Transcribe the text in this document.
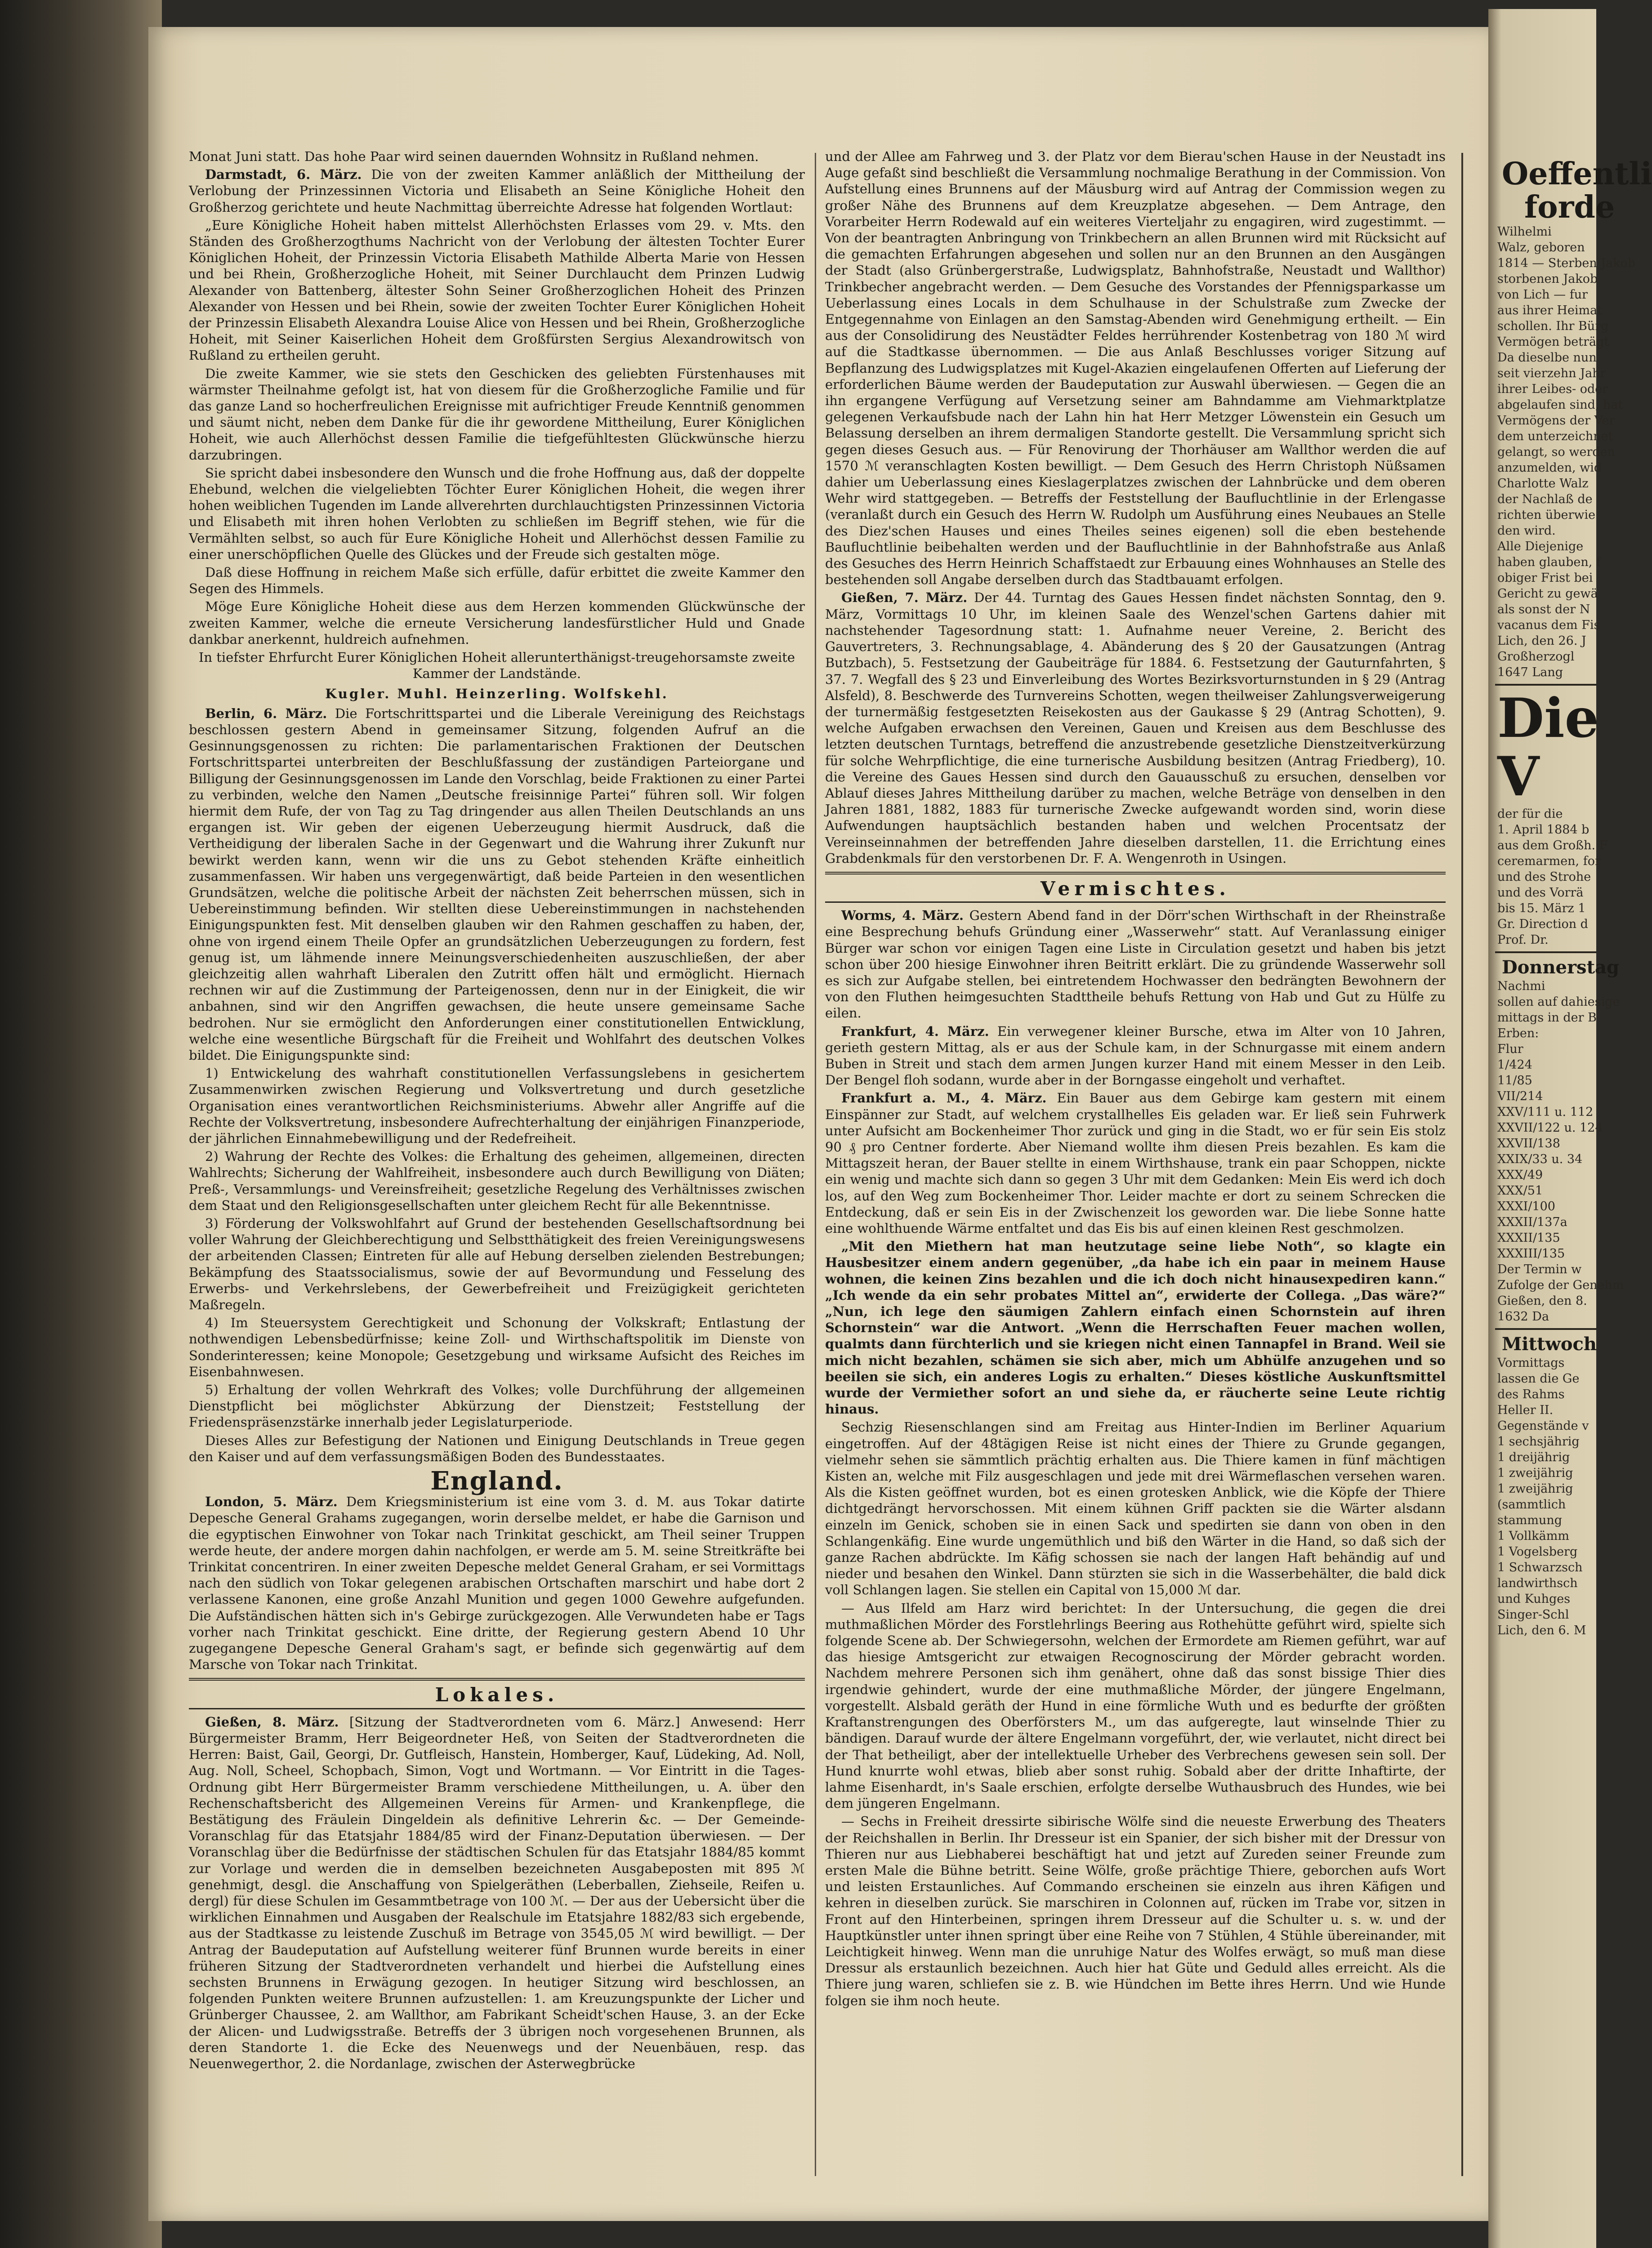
Monat Juni statt. Das hohe Paar wird seinen dauernden Wohnsitz in Rußland nehmen.

Darmstadt, 6. März. Die von der zweiten Kammer anläßlich der Mittheilung der Verlobung der Prinzessinnen Victoria und Elisabeth an Seine Königliche Hoheit den Großherzog gerichtete und heute Nachmittag überreichte Adresse hat folgenden Wortlaut:

„Eure Königliche Hoheit haben mittelst Allerhöchsten Erlasses vom 29. v. Mts. den Ständen des Großherzogthums Nachricht von der Verlobung der ältesten Tochter Eurer Königlichen Hoheit, der Prinzessin Victoria Elisabeth Mathilde Alberta Marie von Hessen und bei Rhein, Großherzogliche Hoheit, mit Seiner Durchlaucht dem Prinzen Ludwig Alexander von Battenberg, ältester Sohn Seiner Großherzoglichen Hoheit des Prinzen Alexander von Hessen und bei Rhein, sowie der zweiten Tochter Eurer Königlichen Hoheit der Prinzessin Elisabeth Alexandra Louise Alice von Hessen und bei Rhein, Großherzogliche Hoheit, mit Seiner Kaiserlichen Hoheit dem Großfürsten Sergius Alexandrowitsch von Rußland zu ertheilen geruht.

Die zweite Kammer, wie sie stets den Geschicken des geliebten Fürstenhauses mit wärmster Theilnahme gefolgt ist, hat von diesem für die Großherzogliche Familie und für das ganze Land so hocherfreulichen Ereignisse mit aufrichtiger Freude Kenntniß genommen und säumt nicht, neben dem Danke für die ihr gewordene Mittheilung, Eurer Königlichen Hoheit, wie auch Allerhöchst dessen Familie die tiefgefühltesten Glückwünsche hierzu darzubringen.

Sie spricht dabei insbesondere den Wunsch und die frohe Hoffnung aus, daß der doppelte Ehebund, welchen die vielgeliebten Töchter Eurer Königlichen Hoheit, die wegen ihrer hohen weiblichen Tugenden im Lande allverehrten durchlauchtigsten Prinzessinnen Victoria und Elisabeth mit ihren hohen Verlobten zu schließen im Begriff stehen, wie für die Vermählten selbst, so auch für Eure Königliche Hoheit und Allerhöchst dessen Familie zu einer unerschöpflichen Quelle des Glückes und der Freude sich gestalten möge.

Daß diese Hoffnung in reichem Maße sich erfülle, dafür erbittet die zweite Kammer den Segen des Himmels.

Möge Eure Königliche Hoheit diese aus dem Herzen kommenden Glückwünsche der zweiten Kammer, welche die erneute Versicherung landesfürstlicher Huld und Gnade dankbar anerkennt, huldreich aufnehmen.

In tiefster Ehrfurcht Eurer Königlichen Hoheit allerunterthänigst-treugehorsamste zweite Kammer der Landstände.

Kugler. Muhl. Heinzerling. Wolfskehl.

Berlin, 6. März. Die Fortschrittspartei und die Liberale Vereinigung des Reichstags beschlossen gestern Abend in gemeinsamer Sitzung, folgenden Aufruf an die Gesinnungsgenossen zu richten: Die parlamentarischen Fraktionen der Deutschen Fortschrittspartei unterbreiten der Beschlußfassung der zuständigen Parteiorgane und Billigung der Gesinnungsgenossen im Lande den Vorschlag, beide Fraktionen zu einer Partei zu verbinden, welche den Namen „Deutsche freisinnige Partei“ führen soll. Wir folgen hiermit dem Rufe, der von Tag zu Tag dringender aus allen Theilen Deutschlands an uns ergangen ist. Wir geben der eigenen Ueberzeugung hiermit Ausdruck, daß die Vertheidigung der liberalen Sache in der Gegenwart und die Wahrung ihrer Zukunft nur bewirkt werden kann, wenn wir die uns zu Gebot stehenden Kräfte einheitlich zusammenfassen. Wir haben uns vergegenwärtigt, daß beide Parteien in den wesentlichen Grundsätzen, welche die politische Arbeit der nächsten Zeit beherrschen müssen, sich in Uebereinstimmung befinden. Wir stellten diese Uebereinstimmungen in nachstehenden Einigungspunkten fest. Mit denselben glauben wir den Rahmen geschaffen zu haben, der, ohne von irgend einem Theile Opfer an grundsätzlichen Ueberzeugungen zu fordern, fest genug ist, um lähmende innere Meinungsverschiedenheiten auszuschließen, der aber gleichzeitig allen wahrhaft Liberalen den Zutritt offen hält und ermöglicht. Hiernach rechnen wir auf die Zustimmung der Parteigenossen, denn nur in der Einigkeit, die wir anbahnen, sind wir den Angriffen gewachsen, die heute unsere gemeinsame Sache bedrohen. Nur sie ermöglicht den Anforderungen einer constitutionellen Entwicklung, welche eine wesentliche Bürgschaft für die Freiheit und Wohlfahrt des deutschen Volkes bildet. Die Einigungspunkte sind:

1) Entwickelung des wahrhaft constitutionellen Verfassungslebens in gesichertem Zusammenwirken zwischen Regierung und Volksvertretung und durch gesetzliche Organisation eines verantwortlichen Reichsministeriums. Abwehr aller Angriffe auf die Rechte der Volksvertretung, insbesondere Aufrechterhaltung der einjährigen Finanzperiode, der jährlichen Einnahmebewilligung und der Redefreiheit.

2) Wahrung der Rechte des Volkes: die Erhaltung des geheimen, allgemeinen, directen Wahlrechts; Sicherung der Wahlfreiheit, insbesondere auch durch Bewilligung von Diäten; Preß-, Versammlungs- und Vereinsfreiheit; gesetzliche Regelung des Verhältnisses zwischen dem Staat und den Religionsgesellschaften unter gleichem Recht für alle Bekenntnisse.

3) Förderung der Volkswohlfahrt auf Grund der bestehenden Gesellschaftsordnung bei voller Wahrung der Gleichberechtigung und Selbstthätigkeit des freien Vereinigungswesens der arbeitenden Classen; Eintreten für alle auf Hebung derselben zielenden Bestrebungen; Bekämpfung des Staatssocialismus, sowie der auf Bevormundung und Fesselung des Erwerbs- und Verkehrslebens, der Gewerbefreiheit und Freizügigkeit gerichteten Maßregeln.

4) Im Steuersystem Gerechtigkeit und Schonung der Volkskraft; Entlastung der nothwendigen Lebensbedürfnisse; keine Zoll- und Wirthschaftspolitik im Dienste von Sonderinteressen; keine Monopole; Gesetzgebung und wirksame Aufsicht des Reiches im Eisenbahnwesen.

5) Erhaltung der vollen Wehrkraft des Volkes; volle Durchführung der allgemeinen Dienstpflicht bei möglichster Abkürzung der Dienstzeit; Feststellung der Friedenspräsenzstärke innerhalb jeder Legislaturperiode.

Dieses Alles zur Befestigung der Nationen und Einigung Deutschlands in Treue gegen den Kaiser und auf dem verfassungsmäßigen Boden des Bundesstaates.

England.

London, 5. März. Dem Kriegsministerium ist eine vom 3. d. M. aus Tokar datirte Depesche General Grahams zugegangen, worin derselbe meldet, er habe die Garnison und die egyptischen Einwohner von Tokar nach Trinkitat geschickt, am Theil seiner Truppen werde heute, der andere morgen dahin nachfolgen, er werde am 5. M. seine Streitkräfte bei Trinkitat concentriren. In einer zweiten Depesche meldet General Graham, er sei Vormittags nach den südlich von Tokar gelegenen arabischen Ortschaften marschirt und habe dort 2 verlassene Kanonen, eine große Anzahl Munition und gegen 1000 Gewehre aufgefunden. Die Aufständischen hätten sich in's Gebirge zurückgezogen. Alle Verwundeten habe er Tags vorher nach Trinkitat geschickt. Eine dritte, der Regierung gestern Abend 10 Uhr zugegangene Depesche General Graham's sagt, er befinde sich gegenwärtig auf dem Marsche von Tokar nach Trinkitat.

Lokales.

Gießen, 8. März. [Sitzung der Stadtverordneten vom 6. März.] Anwesend: Herr Bürgermeister Bramm, Herr Beigeordneter Heß, von Seiten der Stadtverordneten die Herren: Baist, Gail, Georgi, Dr. Gutfleisch, Hanstein, Homberger, Kauf, Lüdeking, Ad. Noll, Aug. Noll, Scheel, Schopbach, Simon, Vogt und Wortmann. — Vor Eintritt in die Tages-Ordnung gibt Herr Bürgermeister Bramm verschiedene Mittheilungen, u. A. über den Rechenschaftsbericht des Allgemeinen Vereins für Armen- und Krankenpflege, die Bestätigung des Fräulein Dingeldein als definitive Lehrerin &c. — Der Gemeinde-Voranschlag für das Etatsjahr 1884/85 wird der Finanz-Deputation überwiesen. — Der Voranschlag über die Bedürfnisse der städtischen Schulen für das Etatsjahr 1884/85 kommt zur Vorlage und werden die in demselben bezeichneten Ausgabeposten mit 895 ℳ genehmigt, desgl. die Anschaffung von Spielgeräthen (Leberballen, Ziehseile, Reifen u. dergl) für diese Schulen im Gesammtbetrage von 100 ℳ. — Der aus der Uebersicht über die wirklichen Einnahmen und Ausgaben der Realschule im Etatsjahre 1882/83 sich ergebende, aus der Stadtkasse zu leistende Zuschuß im Betrage von 3545,05 ℳ wird bewilligt. — Der Antrag der Baudeputation auf Aufstellung weiterer fünf Brunnen wurde bereits in einer früheren Sitzung der Stadtverordneten verhandelt und hierbei die Aufstellung eines sechsten Brunnens in Erwägung gezogen. In heutiger Sitzung wird beschlossen, an folgenden Punkten weitere Brunnen aufzustellen: 1. am Kreuzungspunkte der Licher und Grünberger Chaussee, 2. am Wallthor, am Fabrikant Scheidt'schen Hause, 3. an der Ecke der Alicen- und Ludwigsstraße. Betreffs der 3 übrigen noch vorgesehenen Brunnen, als deren Standorte 1. die Ecke des Neuenwegs und der Neuenbäuen, resp. das Neuenwegerthor, 2. die Nordanlage, zwischen der Asterwegbrücke

und der Allee am Fahrweg und 3. der Platz vor dem Bierau'schen Hause in der Neustadt ins Auge gefaßt sind beschließt die Versammlung nochmalige Berathung in der Commission. Von Aufstellung eines Brunnens auf der Mäusburg wird auf Antrag der Commission wegen zu großer Nähe des Brunnens auf dem Kreuzplatze abgesehen. — Dem Antrage, den Vorarbeiter Herrn Rodewald auf ein weiteres Vierteljahr zu engagiren, wird zugestimmt. — Von der beantragten Anbringung von Trinkbechern an allen Brunnen wird mit Rücksicht auf die gemachten Erfahrungen abgesehen und sollen nur an den Brunnen an den Ausgängen der Stadt (also Grünbergerstraße, Ludwigsplatz, Bahnhofstraße, Neustadt und Wallthor) Trinkbecher angebracht werden. — Dem Gesuche des Vorstandes der Pfennigsparkasse um Ueberlassung eines Locals in dem Schulhause in der Schulstraße zum Zwecke der Entgegennahme von Einlagen an den Samstag-Abenden wird Genehmigung ertheilt. — Ein aus der Consolidirung des Neustädter Feldes herrührender Kostenbetrag von 180 ℳ wird auf die Stadtkasse übernommen. — Die aus Anlaß Beschlusses voriger Sitzung auf Bepflanzung des Ludwigsplatzes mit Kugel-Akazien eingelaufenen Offerten auf Lieferung der erforderlichen Bäume werden der Baudeputation zur Auswahl überwiesen. — Gegen die an ihn ergangene Verfügung auf Versetzung seiner am Bahndamme am Viehmarktplatze gelegenen Verkaufsbude nach der Lahn hin hat Herr Metzger Löwenstein ein Gesuch um Belassung derselben an ihrem dermaligen Standorte gestellt. Die Versammlung spricht sich gegen dieses Gesuch aus. — Für Renovirung der Thorhäuser am Wallthor werden die auf 1570 ℳ veranschlagten Kosten bewilligt. — Dem Gesuch des Herrn Christoph Nüßsamen dahier um Ueberlassung eines Kieslagerplatzes zwischen der Lahnbrücke und dem oberen Wehr wird stattgegeben. — Betreffs der Feststellung der Baufluchtlinie in der Erlengasse (veranlaßt durch ein Gesuch des Herrn W. Rudolph um Ausführung eines Neubaues an Stelle des Diez'schen Hauses und eines Theiles seines eigenen) soll die eben bestehende Baufluchtlinie beibehalten werden und der Baufluchtlinie in der Bahnhofstraße aus Anlaß des Gesuches des Herrn Heinrich Schaffstaedt zur Erbauung eines Wohnhauses an Stelle des bestehenden soll Angabe derselben durch das Stadtbauamt erfolgen.

Gießen, 7. März. Der 44. Turntag des Gaues Hessen findet nächsten Sonntag, den 9. März, Vormittags 10 Uhr, im kleinen Saale des Wenzel'schen Gartens dahier mit nachstehender Tagesordnung statt: 1. Aufnahme neuer Vereine, 2. Bericht des Gauvertreters, 3. Rechnungsablage, 4. Abänderung des § 20 der Gausatzungen (Antrag Butzbach), 5. Festsetzung der Gaubeiträge für 1884. 6. Festsetzung der Gauturnfahrten, § 37. 7. Wegfall des § 23 und Einverleibung des Wortes Bezirksvorturnstunden in § 29 (Antrag Alsfeld), 8. Beschwerde des Turnvereins Schotten, wegen theilweiser Zahlungsverweigerung der turnermäßig festgesetzten Reisekosten aus der Gaukasse § 29 (Antrag Schotten), 9. welche Aufgaben erwachsen den Vereinen, Gauen und Kreisen aus dem Beschlusse des letzten deutschen Turntags, betreffend die anzustrebende gesetzliche Dienstzeitverkürzung für solche Wehrpflichtige, die eine turnerische Ausbildung besitzen (Antrag Friedberg), 10. die Vereine des Gaues Hessen sind durch den Gauausschuß zu ersuchen, denselben vor Ablauf dieses Jahres Mittheilung darüber zu machen, welche Beträge von denselben in den Jahren 1881, 1882, 1883 für turnerische Zwecke aufgewandt worden sind, worin diese Aufwendungen hauptsächlich bestanden haben und welchen Procentsatz der Vereinseinnahmen der betreffenden Jahre dieselben darstellen, 11. die Errichtung eines Grabdenkmals für den verstorbenen Dr. F. A. Wengenroth in Usingen.

Vermischtes.

Worms, 4. März. Gestern Abend fand in der Dörr'schen Wirthschaft in der Rheinstraße eine Besprechung behufs Gründung einer „Wasserwehr“ statt. Auf Veranlassung einiger Bürger war schon vor einigen Tagen eine Liste in Circulation gesetzt und haben bis jetzt schon über 200 hiesige Einwohner ihren Beitritt erklärt. Die zu gründende Wasserwehr soll es sich zur Aufgabe stellen, bei eintretendem Hochwasser den bedrängten Bewohnern der von den Fluthen heimgesuchten Stadttheile behufs Rettung von Hab und Gut zu Hülfe zu eilen.

Frankfurt, 4. März. Ein verwegener kleiner Bursche, etwa im Alter von 10 Jahren, gerieth gestern Mittag, als er aus der Schule kam, in der Schnurgasse mit einem andern Buben in Streit und stach dem armen Jungen kurzer Hand mit einem Messer in den Leib. Der Bengel floh sodann, wurde aber in der Borngasse eingeholt und verhaftet.

Frankfurt a. M., 4. März. Ein Bauer aus dem Gebirge kam gestern mit einem Einspänner zur Stadt, auf welchem crystallhelles Eis geladen war. Er ließ sein Fuhrwerk unter Aufsicht am Bockenheimer Thor zurück und ging in die Stadt, wo er für sein Eis stolz 90 ₰ pro Centner forderte. Aber Niemand wollte ihm diesen Preis bezahlen. Es kam die Mittagszeit heran, der Bauer stellte in einem Wirthshause, trank ein paar Schoppen, nickte ein wenig und machte sich dann so gegen 3 Uhr mit dem Gedanken: Mein Eis werd ich doch los, auf den Weg zum Bockenheimer Thor. Leider machte er dort zu seinem Schrecken die Entdeckung, daß er sein Eis in der Zwischenzeit los geworden war. Die liebe Sonne hatte eine wohlthuende Wärme entfaltet und das Eis bis auf einen kleinen Rest geschmolzen.

„Mit den Miethern hat man heutzutage seine liebe Noth“, so klagte ein Hausbesitzer einem andern gegenüber, „da habe ich ein paar in meinem Hause wohnen, die keinen Zins bezahlen und die ich doch nicht hinausexpediren kann.“ „Ich wende da ein sehr probates Mittel an“, erwiderte der Collega. „Das wäre?“ „Nun, ich lege den säumigen Zahlern einfach einen Schornstein auf ihren Schornstein“ war die Antwort. „Wenn die Herrschaften Feuer machen wollen, qualmts dann fürchterlich und sie kriegen nicht einen Tannapfel in Brand. Weil sie mich nicht bezahlen, schämen sie sich aber, mich um Abhülfe anzugehen und so beeilen sie sich, ein anderes Logis zu erhalten.“ Dieses köstliche Auskunftsmittel wurde der Vermiether sofort an und siehe da, er räucherte seine Leute richtig hinaus.

Sechzig Riesenschlangen sind am Freitag aus Hinter-Indien im Berliner Aquarium eingetroffen. Auf der 48tägigen Reise ist nicht eines der Thiere zu Grunde gegangen, vielmehr sehen sie sämmtlich prächtig erhalten aus. Die Thiere kamen in fünf mächtigen Kisten an, welche mit Filz ausgeschlagen und jede mit drei Wärmeflaschen versehen waren. Als die Kisten geöffnet wurden, bot es einen grotesken Anblick, wie die Köpfe der Thiere dichtgedrängt hervorschossen. Mit einem kühnen Griff packten sie die Wärter alsdann einzeln im Genick, schoben sie in einen Sack und spedirten sie dann von oben in den Schlangenkäfig. Eine wurde ungemüthlich und biß den Wärter in die Hand, so daß sich der ganze Rachen abdrückte. Im Käfig schossen sie nach der langen Haft behändig auf und nieder und besahen den Winkel. Dann stürzten sie sich in die Wasserbehälter, die bald dick voll Schlangen lagen. Sie stellen ein Capital von 15,000 ℳ dar.

— Aus Ilfeld am Harz wird berichtet: In der Untersuchung, die gegen die drei muthmaßlichen Mörder des Forstlehrlings Beering aus Rothehütte geführt wird, spielte sich folgende Scene ab. Der Schwiegersohn, welchen der Ermordete am Riemen geführt, war auf das hiesige Amtsgericht zur etwaigen Recognoscirung der Mörder gebracht worden. Nachdem mehrere Personen sich ihm genähert, ohne daß das sonst bissige Thier dies irgendwie gehindert, wurde der eine muthmaßliche Mörder, der jüngere Engelmann, vorgestellt. Alsbald geräth der Hund in eine förmliche Wuth und es bedurfte der größten Kraftanstrengungen des Oberförsters M., um das aufgeregte, laut winselnde Thier zu bändigen. Darauf wurde der ältere Engelmann vorgeführt, der, wie verlautet, nicht direct bei der That betheiligt, aber der intellektuelle Urheber des Verbrechens gewesen sein soll. Der Hund knurrte wohl etwas, blieb aber sonst ruhig. Sobald aber der dritte Inhaftirte, der lahme Eisenhardt, in's Saale erschien, erfolgte derselbe Wuthausbruch des Hundes, wie bei dem jüngeren Engelmann.

— Sechs in Freiheit dressirte sibirische Wölfe sind die neueste Erwerbung des Theaters der Reichshallen in Berlin. Ihr Dresseur ist ein Spanier, der sich bisher mit der Dressur von Thieren nur aus Liebhaberei beschäftigt hat und jetzt auf Zureden seiner Freunde zum ersten Male die Bühne betritt. Seine Wölfe, große prächtige Thiere, geborchen aufs Wort und leisten Erstaunliches. Auf Commando erscheinen sie einzeln aus ihren Käfigen und kehren in dieselben zurück. Sie marschiren in Colonnen auf, rücken im Trabe vor, sitzen in Front auf den Hinterbeinen, springen ihrem Dresseur auf die Schulter u. s. w. und der Hauptkünstler unter ihnen springt über eine Reihe von 7 Stühlen, 4 Stühle übereinander, mit Leichtigkeit hinweg. Wenn man die unruhige Natur des Wolfes erwägt, so muß man diese Dressur als erstaunlich bezeichnen. Auch hier hat Güte und Geduld alles erreicht. Als die Thiere jung waren, schliefen sie z. B. wie Hündchen im Bette ihres Herrn. Und wie Hunde folgen sie ihm noch heute.

Oeffentli
forde
Wilhelmi
Walz, geboren
1814 — Sterben Jakob
storbenen Jakob
von Lich — fur
aus ihrer Heimat
schollen. Ihr Bürg
Vermögen beträgt
Da dieselbe nun
seit vierzehn Jahr
ihrer Leibes- oder
abgelaufen sind, hat
Vermögens der Ver
dem unterzeichnet
gelangt, so werden
anzumelden, wid
Charlotte Walz
der Nachlaß de
richten überwie
den wird.
Alle Diejenige
haben glauben, f
obiger Frist bei
Gericht zu gewä
als sonst der N
vacanus dem Fis
Lich, den 26. J
Großherzogl
1647 Lang
Die V
der für die
1. April 1884 b
aus dem Großh. F
ceremarmen, for
und des Strohe
und des Vorrä
bis 15. März 1
Gr. Direction d
Prof. Dr.
Donnerstag
Nachmi
sollen auf dahiesige
mittags in der B
Erben:
Flur
1/424
11/85
VII/214
XXV/111 u. 112
XXVII/122 u. 124
XXVII/138
XXIX/33 u. 34
XXX/49
XXX/51
XXXI/100
XXXII/137a
XXXII/135
XXXIII/135
Der Termin w
Zufolge der Genehm
Gießen, den 8.
1632 Da
Mittwoch
Vormittags
lassen die Ge
des Rahms
Heller II.
Gegenstände v
1 sechsjährig
1 dreijährig
1 zweijährig
1 zweijährig
(sammtlich
stammung
1 Vollkämm
1 Vogelsberg
1 Schwarzsch
landwirthsch
und Kuhges
Singer-Schl
Lich, den 6. M
